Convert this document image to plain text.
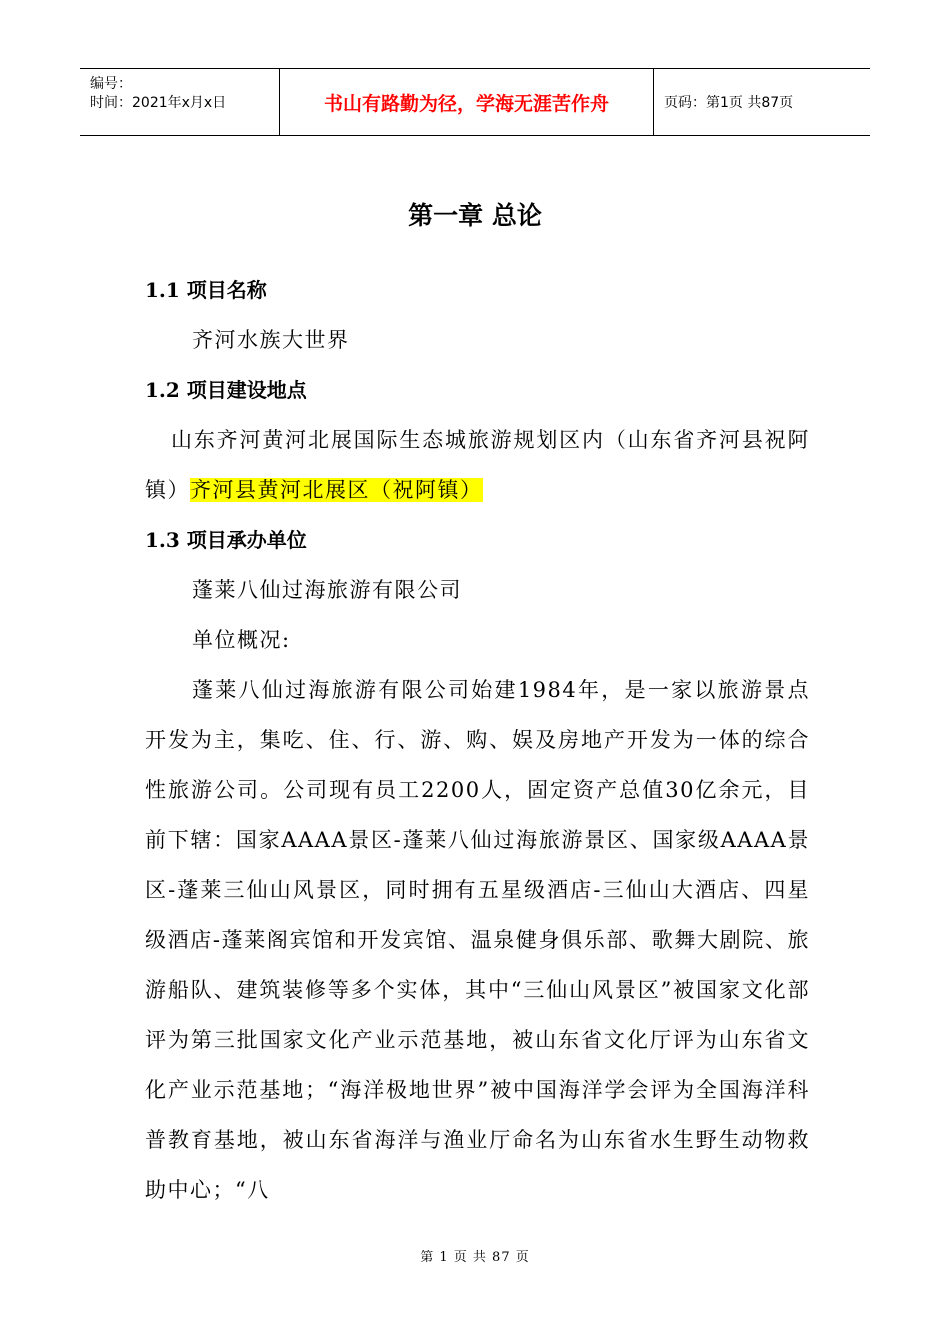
编号：
时间：2021年x月x日	书山有路勤为径，学海无涯苦作舟	页码：第1页 共87页
第一章 总论
1.1 项目名称
齐河水族大世界
1.2 项目建设地点
山东齐河黄河北展国际生态城旅游规划区内（山东省齐河县祝阿镇）齐河县黄河北展区（祝阿镇）
1.3 项目承办单位
蓬莱八仙过海旅游有限公司
单位概况:
蓬莱八仙过海旅游有限公司始建1984年，是一家以旅游景点开发为主，集吃、住、行、游、购、娱及房地产开发为一体的综合性旅游公司。公司现有员工2200人，固定资产总值30亿余元，目前下辖：国家AAAA景区-蓬莱八仙过海旅游景区、国家级AAAA景区-蓬莱三仙山风景区，同时拥有五星级酒店-三仙山大酒店、四星级酒店-蓬莱阁宾馆和开发宾馆、温泉健身俱乐部、歌舞大剧院、旅游船队、建筑装修等多个实体，其中“三仙山风景区”被国家文化部评为第三批国家文化产业示范基地，被山东省文化厅评为山东省文化产业示范基地；“海洋极地世界”被中国海洋学会评为全国海洋科普教育基地，被山东省海洋与渔业厅命名为山东省水生野生动物救助中心；“八
第 1 页 共 87 页
